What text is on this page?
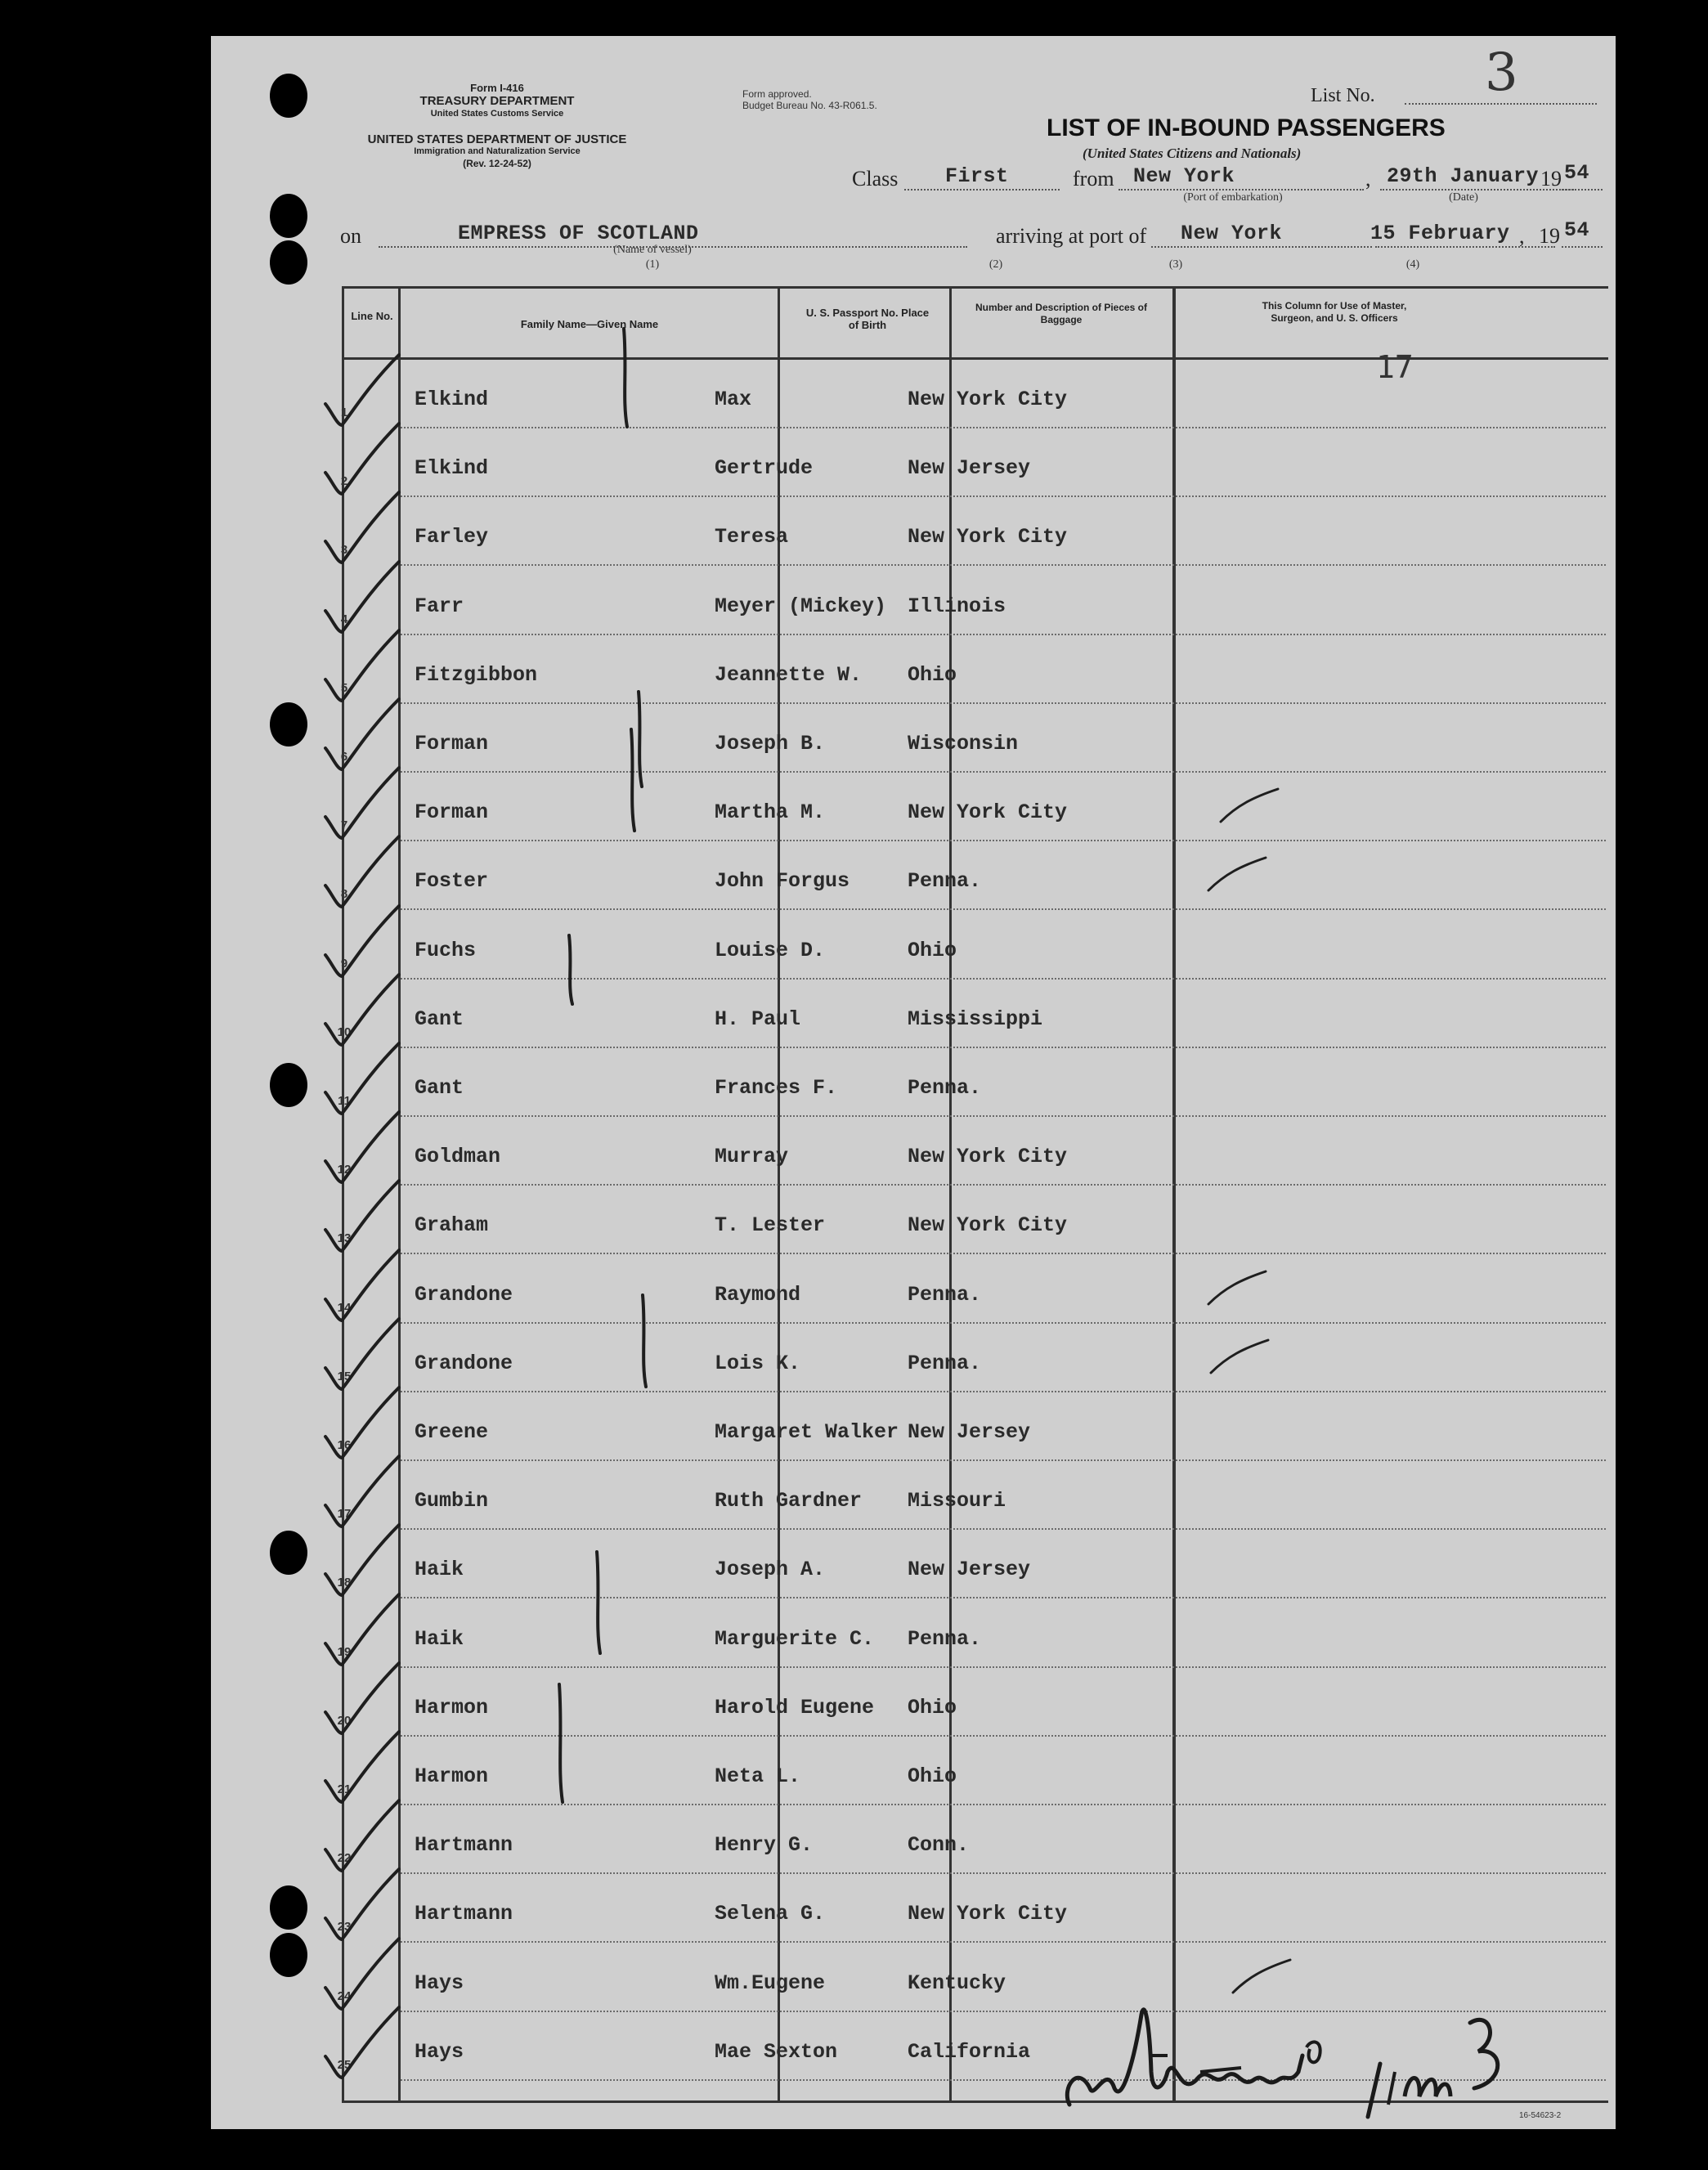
Form I-416
TREASURY DEPARTMENT
United States Customs Service
UNITED STATES DEPARTMENT OF JUSTICE
Immigration and Naturalization Service
(Rev. 12-24-52)
Form approved.
Budget Bureau No. 43-R061.5.	List No. 3
LIST OF IN-BOUND PASSENGERS
(United States Citizens and Nationals)
Class First	from New York
(Port of embarkation)
, 29th January 19 54
(Date)
on	EMPRESS OF SCOTLAND
(Name of vessel)
(1)
arriving at port of New York	15 February , 19 54
(2)	(3)	(4)
Line No.
Family Name—Given Name
U. S. Passport No. Place of Birth
Number and Description of Pieces of Baggage
This Column for Use of Master, Surgeon, and U. S. Officers
17
1
Elkind	Max	New York City
2
Elkind	Gertrude	New Jersey
3
Farley	Teresa	New York City
4
Farr	Meyer (Mickey) Illinois
5
Fitzgibbon	Jeannette W. Ohio
6
Forman	Joseph B.	Wisconsin
7
Forman	Martha M.	New York City
8
Foster	John Forgus	Penna.
9
Fuchs	Louise D.	Ohio
10
Gant	H. Paul	Mississippi
11
Gant	Frances F.	Penna.
12
Goldman	Murray	New York City
13
Graham	T. Lester	New York City
14
Grandone	Raymond	Penna.
15
Grandone	Lois K.	Penna.
16
Greene	Margaret Walker New Jersey
17
Gumbin	Ruth Gardner Missouri
18
Haik	Joseph A.	New Jersey
19
Haik	Marguerite C. Penna.
20
Harmon	Harold Eugene Ohio
21
Harmon	Neta L.	Ohio
22
Hartmann	Henry G.	Conn.
23
Hartmann	Selena G.	New York City
24
Hays	Wm.Eugene	Kentucky
25
Hays	Mae Sexton	California
16-54623-2
